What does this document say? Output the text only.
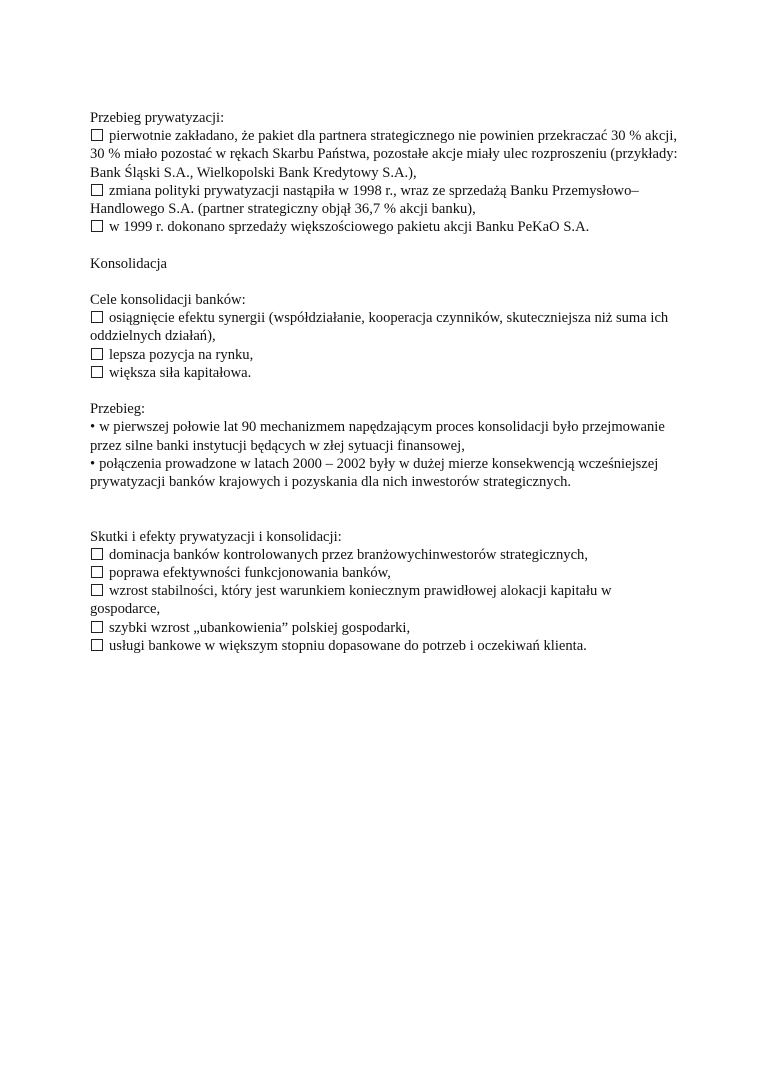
Przebieg prywatyzacji:

pierwotnie zakładano, że pakiet dla partnera strategicznego nie powinien przekraczać 30 % akcji, 30 % miało pozostać w rękach Skarbu Państwa, pozostałe akcje miały ulec rozproszeniu (przykłady: Bank Śląski S.A., Wielkopolski Bank Kredytowy S.A.),

zmiana polityki prywatyzacji nastąpiła w 1998 r., wraz ze sprzedażą Banku Przemysłowo–Handlowego S.A. (partner strategiczny objął 36,7 % akcji banku),

w 1999 r. dokonano sprzedaży większościowego pakietu akcji Banku PeKaO S.A.

Konsolidacja

Cele konsolidacji banków:

osiągnięcie efektu synergii (współdziałanie, kooperacja czynników, skuteczniejsza niż suma ich oddzielnych działań),

lepsza pozycja na rynku,

większa siła kapitałowa.

Przebieg:

• w pierwszej połowie lat 90 mechanizmem napędzającym proces konsolidacji było przejmowanie przez silne banki instytucji będących w złej sytuacji finansowej,

• połączenia prowadzone w latach 2000 – 2002 były w dużej mierze konsekwencją wcześniejszej prywatyzacji banków krajowych i pozyskania dla nich inwestorów strategicznych.

Skutki i efekty prywatyzacji i konsolidacji:

dominacja banków kontrolowanych przez branżowychinwestorów strategicznych,

poprawa efektywności funkcjonowania banków,

wzrost stabilności, który jest warunkiem koniecznym prawidłowej alokacji kapitału w gospodarce,

szybki wzrost „ubankowienia” polskiej gospodarki,

usługi bankowe w większym stopniu dopasowane do potrzeb i oczekiwań klienta.
